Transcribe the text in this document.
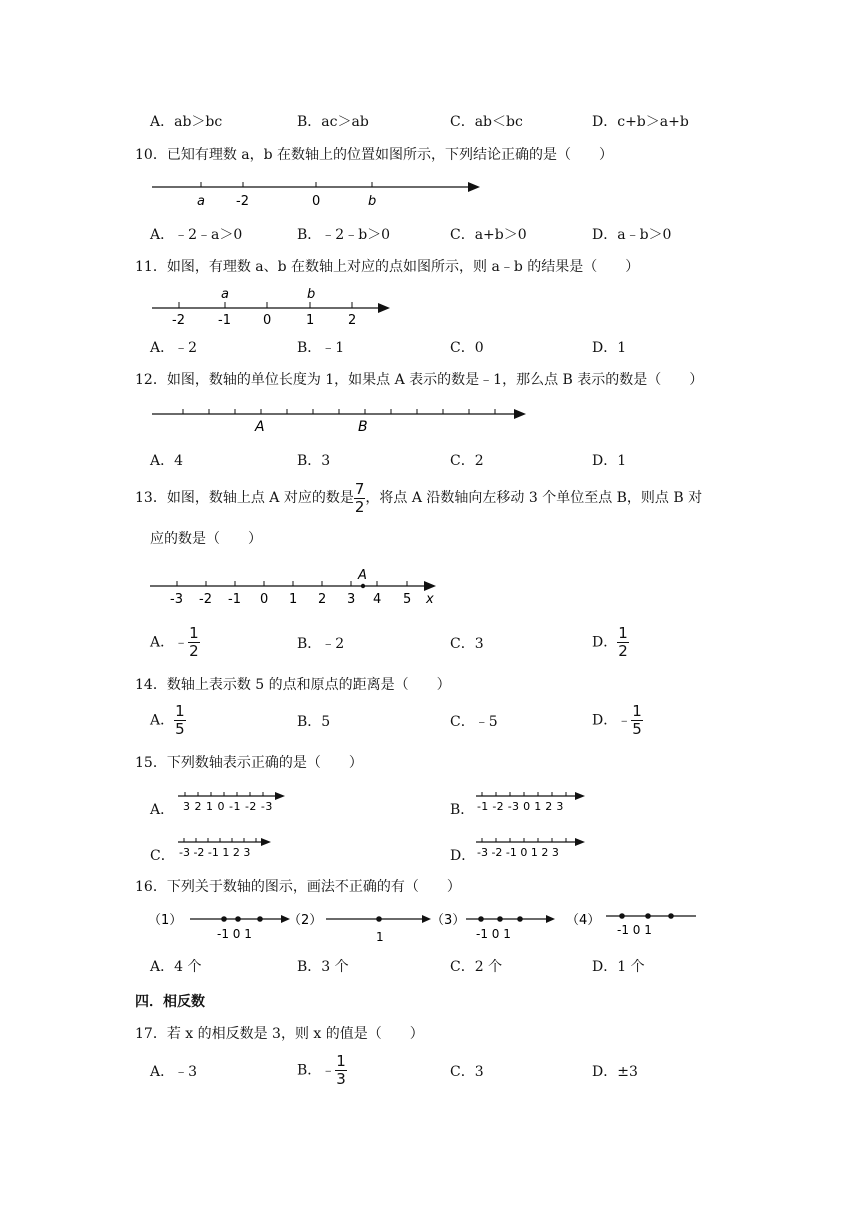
A．ab＞bc	B．ac＞ab	C．ab＜bc	D．c+b＞a+b
10．已知有理数 a，b 在数轴上的位置如图所示，下列结论正确的是（　　）
a -2	0	b
A．﹣2﹣a＞0	B．﹣2﹣b＞0	C．a+b＞0	D．a﹣b＞0
11．如图，有理数 a、b 在数轴上对应的点如图所示，则 a﹣b 的结果是（　　）
a	b
-2	-1 0	1	2
A．﹣2	B．﹣1	C．0	D．1
12．如图，数轴的单位长度为 1，如果点 A 表示的数是﹣1，那么点 B 表示的数是（　　）
A	B
A．4	B．3	C．2	D．1
13．如图，数轴上点 A 对应的数是 $\frac{7}{2}$ ，将点 A 沿数轴向左移动 3 个单位至点 B，则点 B 对
应的数是（　　）
A
-3 -2 -1 0 1 2 3 4 5 x
A．﹣ $\frac{1}{2}$	B．﹣2	C．3	D． $\frac{1}{2}$
14．数轴上表示数 5 的点和原点的距离是（　　）
A． $\frac{1}{5}$	B．5	C．﹣5	D．﹣ $\frac{1}{5}$
15．下列数轴表示正确的是（　　）
A． 3 2 1 0 -1 -2 -3	B． -1 -2 -3 0 1 2 3
C． -3 -2 -1 1 2 3	D． -3 -2 -1 0 1 2 3
16．下列关于数轴的图示，画法不正确的有（　　）
（1）
-1 0 1
（2）
1
（3）
-1 0 1
（4）
-1 0 1
A．4 个	B．3 个	C．2 个	D．1 个
四．相反数
17．若 x 的相反数是 3，则 x 的值是（　　）
A．﹣3	B．﹣ $\frac{1}{3}$	C．3	D．±3
